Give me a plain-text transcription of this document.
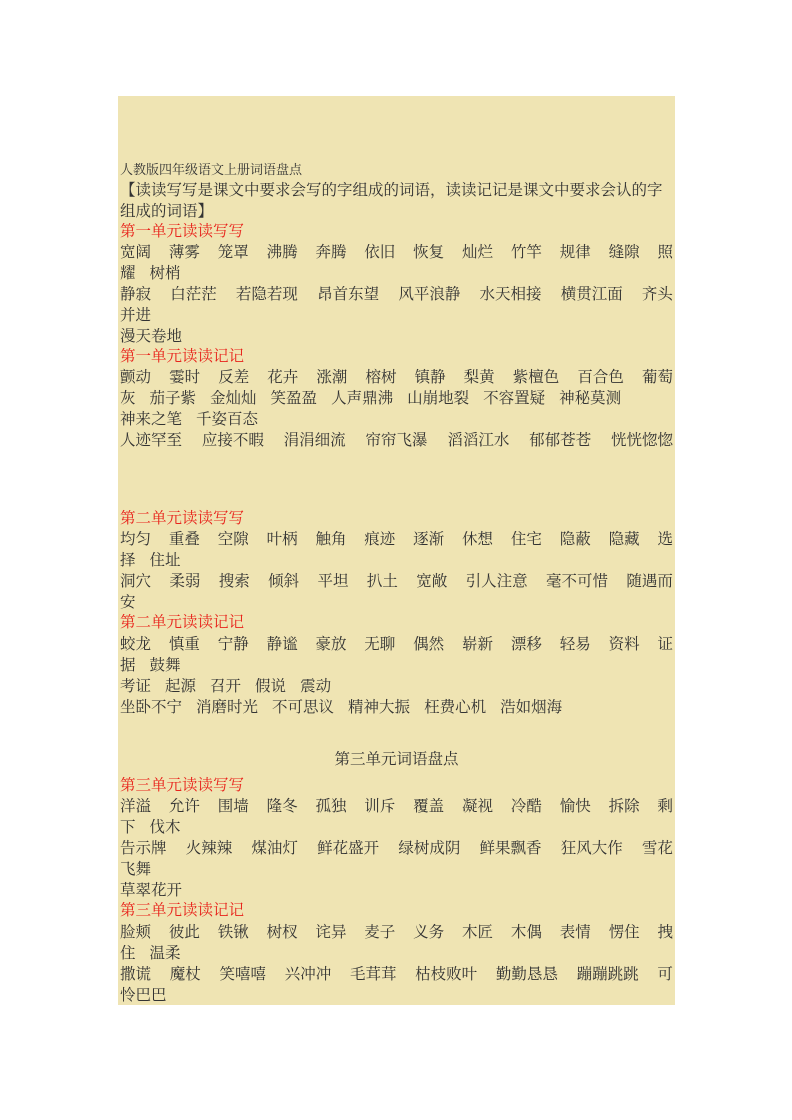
人教版四年级语文上册词语盘点
【读读写写是课文中要求会写的字组成的词语，读读记记是课文中要求会认的字
组成的词语】
第一单元读读写写
宽阔 薄雾 笼罩 沸腾 奔腾 依旧 恢复 灿烂 竹竿 规律 缝隙 照
耀 树梢
静寂 白茫茫 若隐若现 昂首东望 风平浪静 水天相接 横贯江面 齐头
并进
漫天卷地
第一单元读读记记
颤动 霎时 反差 花卉 涨潮 榕树 镇静 梨黄 紫檀色 百合色 葡萄
灰 茄子紫 金灿灿 笑盈盈 人声鼎沸 山崩地裂 不容置疑 神秘莫测
神来之笔 千姿百态
人迹罕至 应接不暇 涓涓细流 帘帘飞瀑 滔滔江水 郁郁苍苍 恍恍惚惚
第二单元读读写写
均匀 重叠 空隙 叶柄 触角 痕迹 逐渐 休想 住宅 隐蔽 隐藏 选
择 住址
洞穴 柔弱 搜索 倾斜 平坦 扒土 宽敞 引人注意 毫不可惜 随遇而
安
第二单元读读记记
蛟龙 慎重 宁静 静谧 豪放 无聊 偶然 崭新 漂移 轻易 资料 证
据 鼓舞
考证 起源 召开 假说 震动
坐卧不宁 消磨时光 不可思议 精神大振 枉费心机 浩如烟海
第三单元词语盘点
第三单元读读写写
洋溢 允许 围墙 隆冬 孤独 训斥 覆盖 凝视 冷酷 愉快 拆除 剩
下 伐木
告示牌 火辣辣 煤油灯 鲜花盛开 绿树成阴 鲜果飘香 狂风大作 雪花
飞舞
草翠花开
第三单元读读记记
脸颊 彼此 铁锹 树杈 诧异 麦子 义务 木匠 木偶 表情 愣住 拽
住 温柔
撒谎 魔杖 笑嘻嘻 兴冲冲 毛茸茸 枯枝败叶 勤勤恳恳 蹦蹦跳跳 可
怜巴巴
